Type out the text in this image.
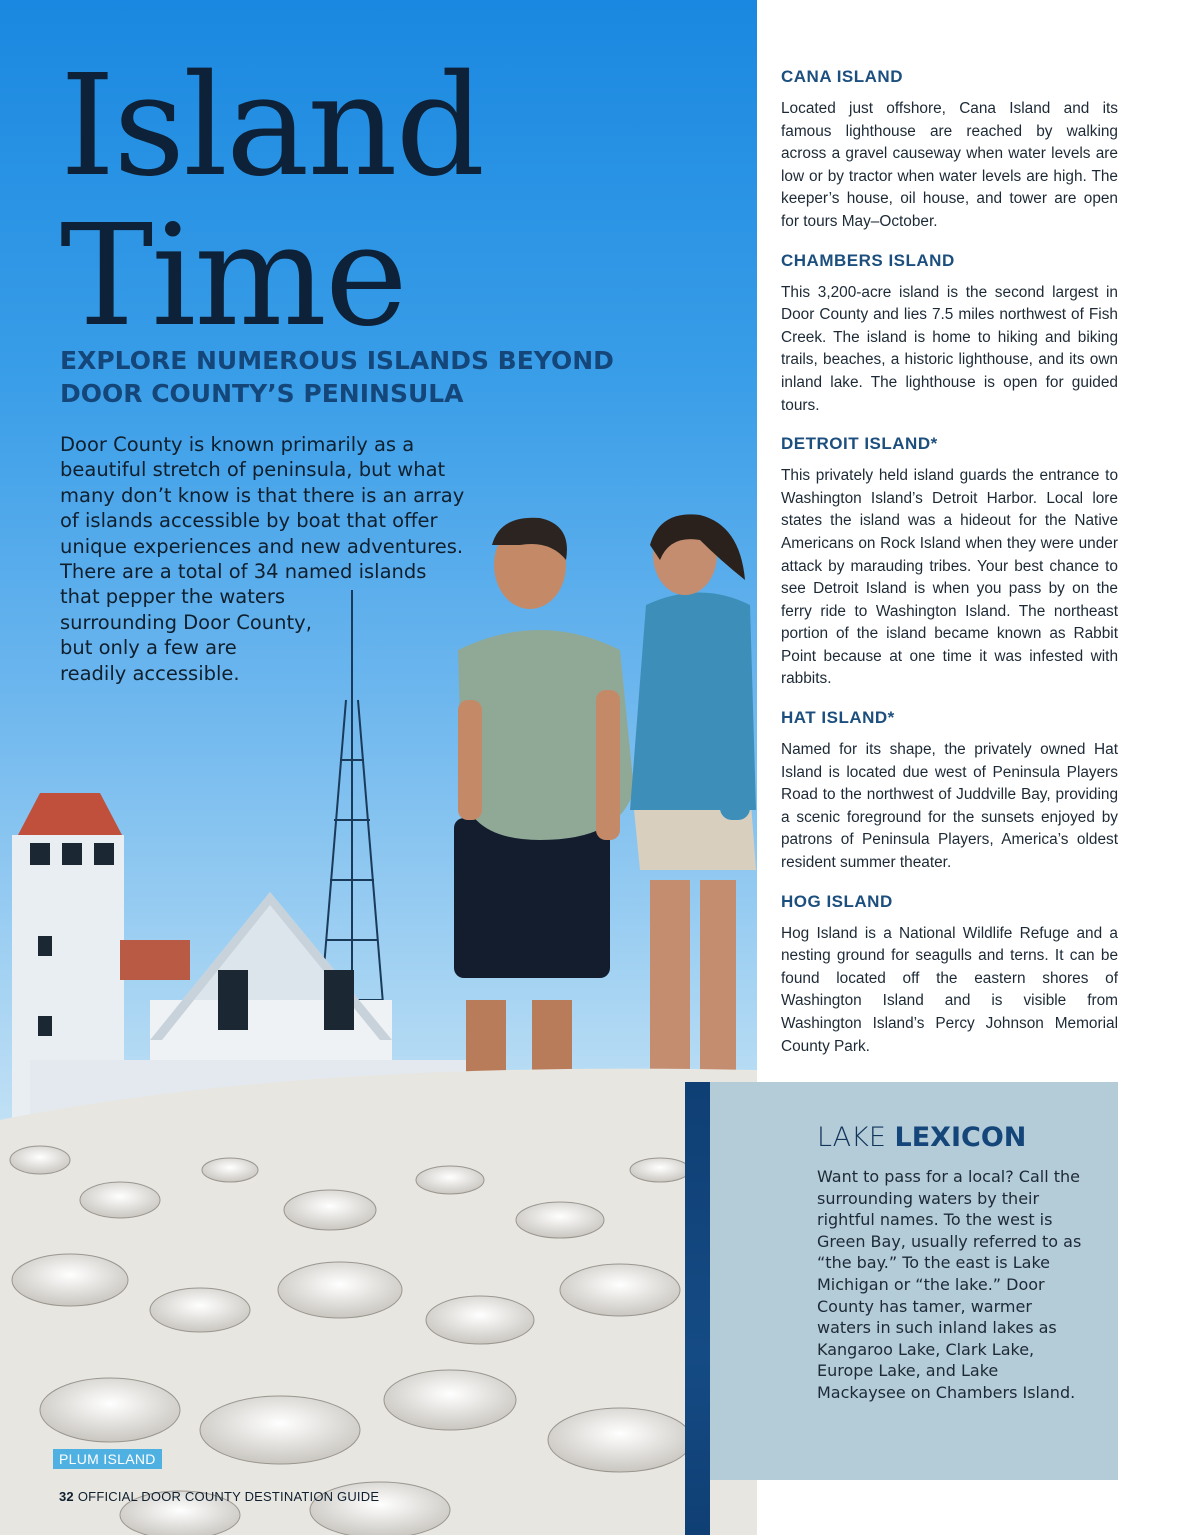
Island
Time
EXPLORE NUMEROUS ISLANDS BEYOND DOOR COUNTY’S PENINSULA

Door County is known primarily as a
beautiful stretch of peninsula, but what
many don’t know is that there is an array
of islands accessible by boat that offer
unique experiences and new adventures.
There are a total of 34 named islands
that pepper the waters
surrounding Door County,
but only a few are
readily accessible.

PLUM ISLAND
32 OFFICIAL DOOR COUNTY DESTINATION GUIDE
CANA ISLAND

Located just offshore, Cana Island and its famous lighthouse are reached by walking across a gravel causeway when water levels are low or by tractor when water levels are high. The keeper’s house, oil house, and tower are open for tours May–October.

CHAMBERS ISLAND

This 3,200-acre island is the second largest in Door County and lies 7.5 miles northwest of Fish Creek. The island is home to hiking and biking trails, beaches, a historic lighthouse, and its own inland lake. The lighthouse is open for guided tours.

DETROIT ISLAND*

This privately held island guards the entrance to Washington Island’s Detroit Harbor. Local lore states the island was a hideout for the Native Americans on Rock Island when they were under attack by marauding tribes. Your best chance to see Detroit Island is when you pass by on the ferry ride to Washington Island. The northeast portion of the island became known as Rabbit Point because at one time it was infested with rabbits.

HAT ISLAND*

Named for its shape, the privately owned Hat Island is located due west of Peninsula Players Road to the northwest of Juddville Bay, providing a scenic foreground for the sunsets enjoyed by patrons of Peninsula Players, America’s oldest resident summer theater.

HOG ISLAND

Hog Island is a National Wildlife Refuge and a nesting ground for seagulls and terns. It can be found located off the eastern shores of Washington Island and is visible from Washington Island’s Percy Johnson Memorial County Park.

LAKE LEXICON

Want to pass for a local? Call the surrounding waters by their rightful names. To the west is Green Bay, usually referred to as “the bay.” To the east is Lake Michigan or “the lake.” Door County has tamer, warmer waters in such inland lakes as Kangaroo Lake, Clark Lake, Europe Lake, and Lake Mackaysee on Chambers Island.
